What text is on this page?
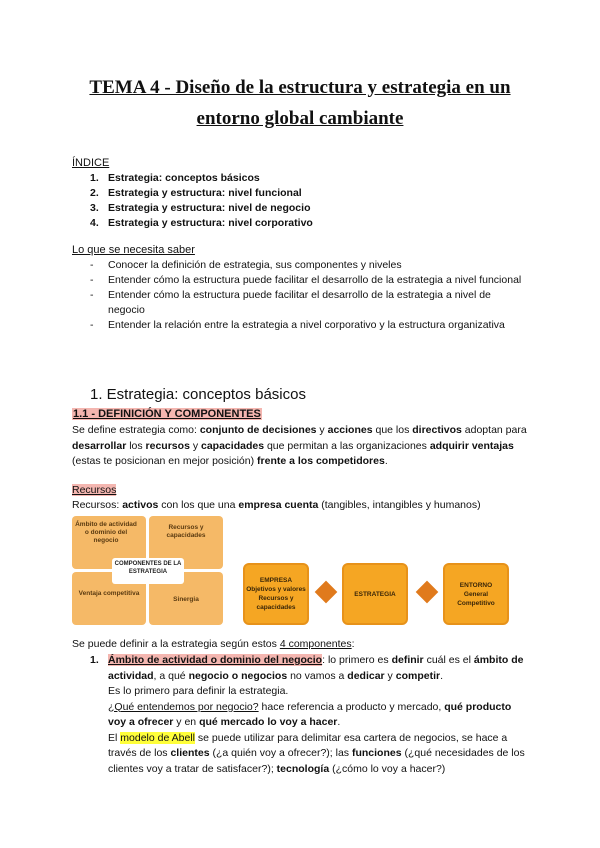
TEMA 4 - Diseño de la estructura y estrategia en un entorno global cambiante
ÍNDICE
1. Estrategia: conceptos básicos
2. Estrategia y estructura: nivel funcional
3. Estrategia y estructura: nivel de negocio
4. Estrategia y estructura: nivel corporativo
Lo que se necesita saber
- Conocer la definición de estrategia, sus componentes y niveles
- Entender cómo la estructura puede facilitar el desarrollo de la estrategia a nivel funcional
- Entender cómo la estructura puede facilitar el desarrollo de la estrategia a nivel de negocio
- Entender la relación entre la estrategia a nivel corporativo y la estructura organizativa
1. Estrategia: conceptos básicos
1.1 - DEFINICIÓN Y COMPONENTES
Se define estrategia como: conjunto de decisiones y acciones que los directivos adoptan para desarrollar los recursos y capacidades que permitan a las organizaciones adquirir ventajas (estas te posicionan en mejor posición) frente a los competidores.
Recursos
Recursos: activos con los que una empresa cuenta (tangibles, intangibles y humanos)
Ámbito de actividad o dominio del negocio
Recursos y capacidades
Ventaja competitiva
Sinergia
COMPONENTES DE LA ESTRATEGIA
EMPRESA Objetivos y valores Recursos y capacidades
ESTRATEGIA
ENTORNO General Competitivo
Se puede definir a la estrategia según estos 4 componentes:
1. Ámbito de actividad o dominio del negocio: lo primero es definir cuál es el ámbito de actividad, a qué negocio o negocios no vamos a dedicar y competir.
Es lo primero para definir la estrategia.
¿Qué entendemos por negocio? hace referencia a producto y mercado, qué producto voy a ofrecer y en qué mercado lo voy a hacer.
El modelo de Abell se puede utilizar para delimitar esa cartera de negocios, se hace a través de los clientes (¿a quién voy a ofrecer?); las funciones (¿qué necesidades de los clientes voy a tratar de satisfacer?); tecnología (¿cómo lo voy a hacer?)
